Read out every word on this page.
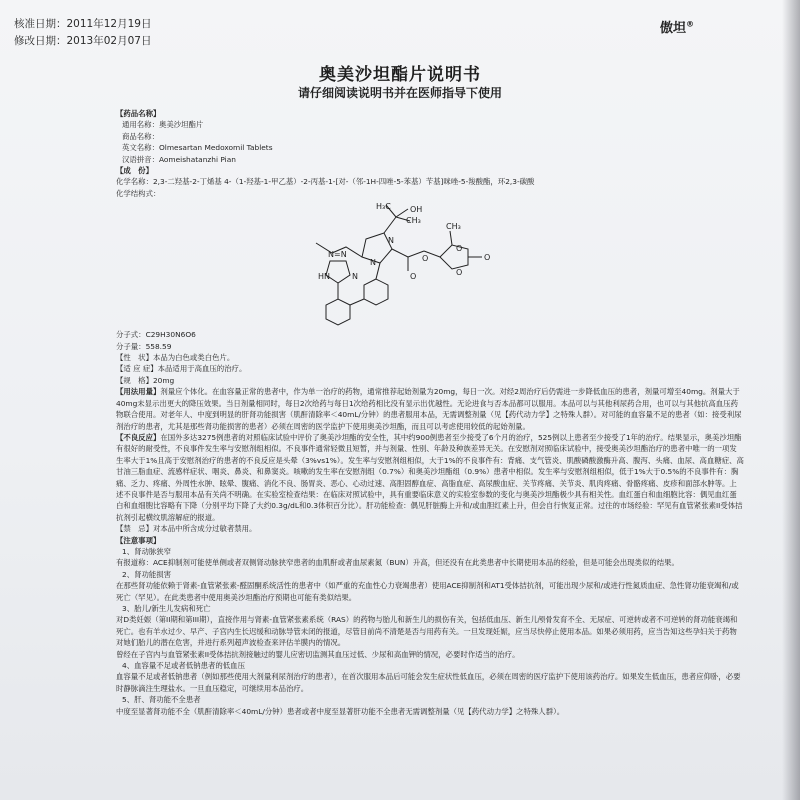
核准日期：2011年12月19日
修改日期：2013年02月07日
傲坦®
奥美沙坦酯片说明书
请仔细阅读说明书并在医师指导下使用

【药品名称】

通用名称：奥美沙坦酯片

商品名称：

英文名称：Olmesartan Medoxomil Tablets

汉语拼音：Aomeishatanzhi Pian

【成　份】

化学名称：2,3-二羟基-2-丁烯基 4-（1-羟基-1-甲乙基）-2-丙基-1-[对-（邻-1H-四唑-5-苯基）苄基]咪唑-5-羧酸酯，环2,3-碳酸

化学结构式：

H₃C OH
CH₃
N
N
O
O
CH₃
O
O
O
HN
N=N
N

分子式：C29H30N6O6

分子量：558.59

【性　状】本品为白色或类白色片。

【适 应 症】本品适用于高血压的治疗。

【规　格】20mg

【用法用量】剂量应个体化。在血容量正常的患者中，作为单一治疗的药物，通常推荐起始剂量为20mg，每日一次。对经2周治疗后仍需进一步降低血压的患者，剂量可增至40mg。剂量大于40mg未显示出更大的降压效果。当日剂量相同时，每日2次给药与每日1次给药相比没有显示出优越性。无论进食与否本品都可以服用。本品可以与其他利尿药合用，也可以与其他抗高血压药物联合使用。对老年人、中度到明显的肝肾功能损害（肌酐清除率＜40mL/分钟）的患者服用本品，无需调整剂量（见【药代动力学】之特殊人群）。对可能的血容量不足的患者（如：接受利尿剂治疗的患者，尤其是那些肾功能损害的患者）必须在周密的医学监护下使用奥美沙坦酯，而且可以考虑使用较低的起始剂量。

【不良反应】在国外多达3275例患者的对照临床试验中评价了奥美沙坦酯的安全性，其中约900例患者至少接受了6个月的治疗，525例以上患者至少接受了1年的治疗。结果显示，奥美沙坦酯有很好的耐受性，不良事件发生率与安慰剂组相似。不良事件通常轻微且短暂，并与剂量、性别、年龄及种族差异无关。在安慰剂对照临床试验中，接受奥美沙坦酯治疗的患者中唯一的一项发生率大于1%且高于安慰剂治疗的患者的不良反应是头晕（3%vs1%）。发生率与安慰剂组相似，大于1%的不良事件有：背痛、支气管炎、肌酸磷酸激酶升高、腹泻、头痛、血尿、高血糖症、高甘油三脂血症、流感样症状、咽炎、鼻炎、和鼻窦炎。咳嗽的发生率在安慰剂组（0.7%）和奥美沙坦酯组（0.9%）患者中相似。发生率与安慰剂组相似，低于1%大于0.5%的不良事件有：胸痛、乏力、疼痛、外周性水肿、眩晕、腹痛、消化不良、肠胃炎、恶心、心动过速、高胆固醇血症、高脂血症、高尿酸血症、关节疼痛、关节炎、肌肉疼痛、骨骼疼痛、皮疹和面部水肿等。上述不良事件是否与服用本品有关尚不明确。在实验室检查结果：在临床对照试验中，具有重要临床意义的实验室参数的变化与奥美沙坦酯极少具有相关性。血红蛋白和血细胞比容：偶见血红蛋白和血细胞比容略有下降（分别平均下降了大约0.3g/dL和0.3体积百分比）。肝功能检查：偶见肝脏酶上升和/或血胆红素上升，但会自行恢复正常。过往的市场经验：罕见有血管紧张素II受体拮抗剂引起横纹肌溶解症的报道。

【禁　忌】对本品中所含成分过敏者禁用。

【注意事项】

1、肾动脉狭窄

有报道称：ACE抑制剂可能使单侧或者双侧肾动脉狭窄患者的血肌酐或者血尿素氮（BUN）升高，但还没有在此类患者中长期使用本品的经验，但是可能会出现类似的结果。

2、肾功能损害

在那些肾功能依赖于肾素-血管紧张素-醛固酮系统活性的患者中（如严重的充血性心力衰竭患者）使用ACE抑制剂和AT1受体拮抗剂，可能出现少尿和/或进行性氮质血症、急性肾功能衰竭和/或死亡（罕见）。在此类患者中使用奥美沙坦酯治疗预期也可能有类似结果。

3、胎儿/新生儿发病和死亡

对D类妊娠（第II期和第III期），直接作用与肾素-血管紧张素系统（RAS）的药物与胎儿和新生儿的损伤有关，包括低血压、新生儿颅骨发育不全、无尿症、可逆转或者不可逆转的肾功能衰竭和死亡。也有羊水过少、早产、子宫内生长迟缓和动脉导管未闭的报道，尽管目前尚不清楚是否与用药有关。一旦发现妊娠，应当尽快停止使用本品。如果必须用药，应当告知这些孕妇关于药物对她们胎儿的潜在危害，并进行系列超声波检查来评估羊膜内的情况。

曾经在子宫内与血管紧张素II受体拮抗剂接触过的婴儿应密切监测其血压过低、少尿和高血钾的情况，必要时作适当的治疗。

4、血容量不足或者低钠患者的低血压

血容量不足或者低钠患者（例如那些使用大剂量利尿剂治疗的患者），在首次服用本品后可能会发生症状性低血压，必须在周密的医疗监护下使用该药治疗。如果发生低血压，患者应仰卧，必要时静脉滴注生理盐水。一旦血压稳定，可继续用本品治疗。

5、肝、肾功能不全患者

中度至显著肾功能不全（肌酐清除率＜40mL/分钟）患者或者中度至显著肝功能不全患者无需调整剂量（见【药代动力学】之特殊人群）。
